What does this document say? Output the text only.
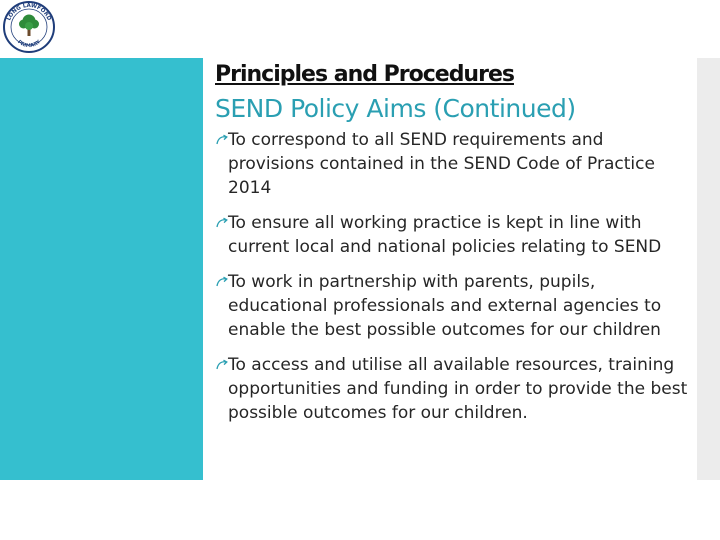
LONG LAWFORD
PRIMARY
Principles and Procedures
SEND Policy Aims (Continued)
To correspond to all SEND requirements and provisions contained in the SEND Code of Practice 2014
To ensure all working practice is kept in line with current local and national policies relating to SEND
To work in partnership with parents, pupils, educational professionals and external agencies to enable the best possible outcomes for our children
To access and utilise all available resources, training opportunities and funding in order to provide the best possible outcomes for our children.
